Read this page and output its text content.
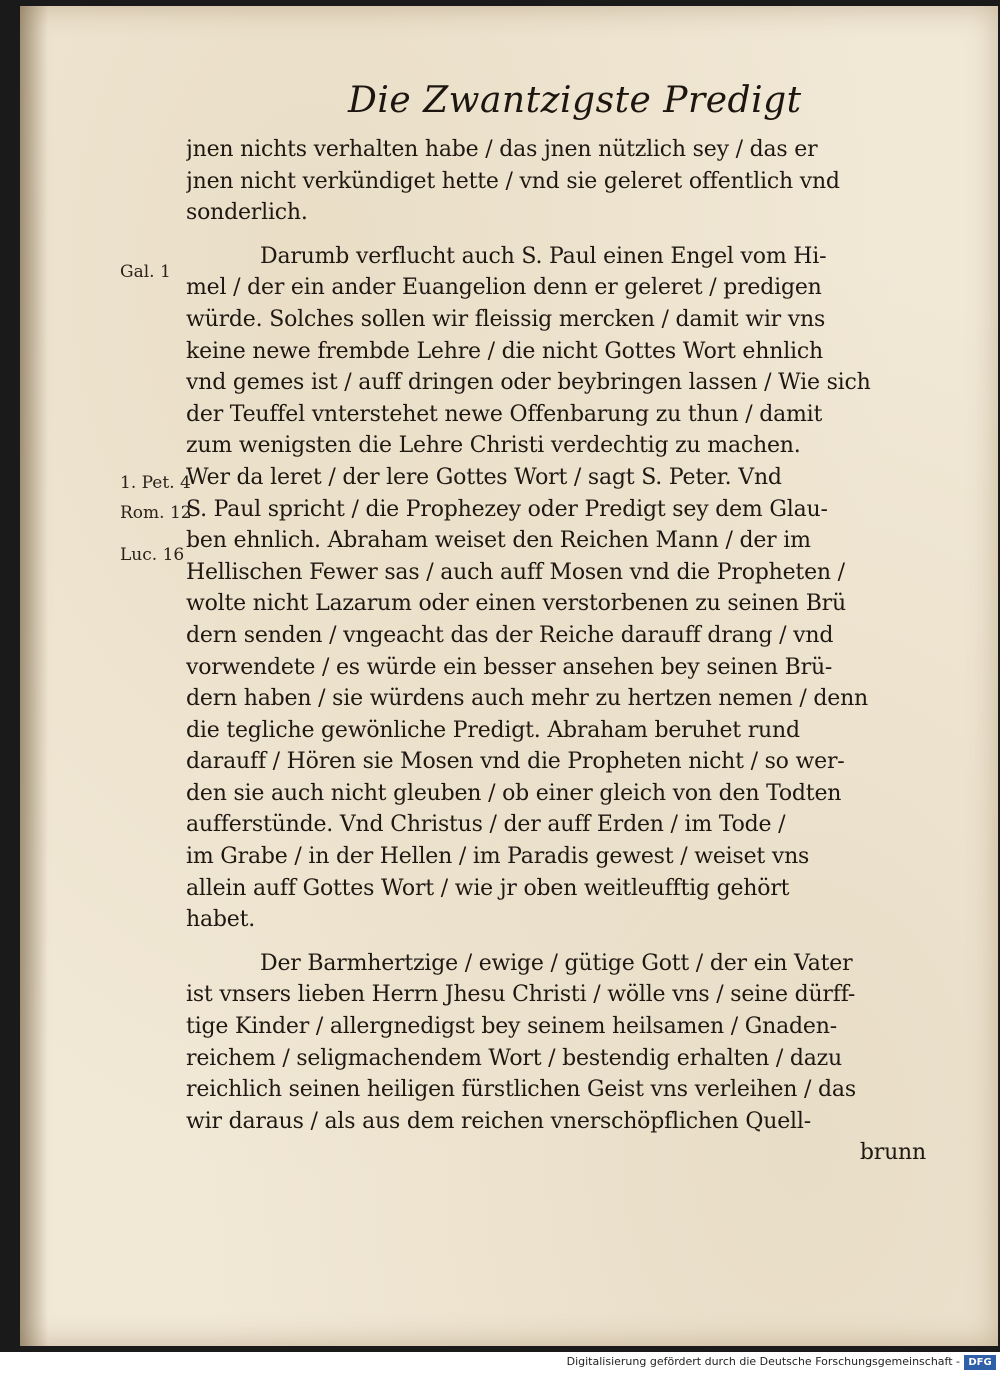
Die Zwantzigste Predigt
Gal. 1
1. Pet. 4
Rom. 12
Luc. 16
jnen nichts verhalten habe / das jnen nützlich sey / das er
jnen nicht verkündiget hette / vnd sie geleret offentlich vnd
sonderlich.
Darumb verflucht auch S. Paul einen Engel vom Hi-
mel / der ein ander Euangelion denn er geleret / predigen
würde. Solches sollen wir fleissig mercken / damit wir vns
keine newe frembde Lehre / die nicht Gottes Wort ehnlich
vnd gemes ist / auff dringen oder beybringen lassen / Wie sich
der Teuffel vnterstehet newe Offenbarung zu thun / damit
zum wenigsten die Lehre Christi verdechtig zu machen.
Wer da leret / der lere Gottes Wort / sagt S. Peter. Vnd
S. Paul spricht / die Prophezey oder Predigt sey dem Glau-
ben ehnlich. Abraham weiset den Reichen Mann / der im
Hellischen Fewer sas / auch auff Mosen vnd die Propheten /
wolte nicht Lazarum oder einen verstorbenen zu seinen Brü
dern senden / vngeacht das der Reiche darauff drang / vnd
vorwendete / es würde ein besser ansehen bey seinen Brü-
dern haben / sie würdens auch mehr zu hertzen nemen / denn
die tegliche gewönliche Predigt. Abraham beruhet rund
darauff / Hören sie Mosen vnd die Propheten nicht / so wer-
den sie auch nicht gleuben / ob einer gleich von den Todten
aufferstünde. Vnd Christus / der auff Erden / im Tode /
im Grabe / in der Hellen / im Paradis gewest / weiset vns
allein auff Gottes Wort / wie jr oben weitleufftig gehört
habet.
Der Barmhertzige / ewige / gütige Gott / der ein Vater
ist vnsers lieben Herrn Jhesu Christi / wölle vns / seine dürff-
tige Kinder / allergnedigst bey seinem heilsamen / Gnaden-
reichem / seligmachendem Wort / bestendig erhalten / dazu
reichlich seinen heiligen fürstlichen Geist vns verleihen / das
wir daraus / als aus dem reichen vnerschöpflichen Quell-
brunn
Digitalisierung gefördert durch die Deutsche Forschungsgemeinschaft - DFG
